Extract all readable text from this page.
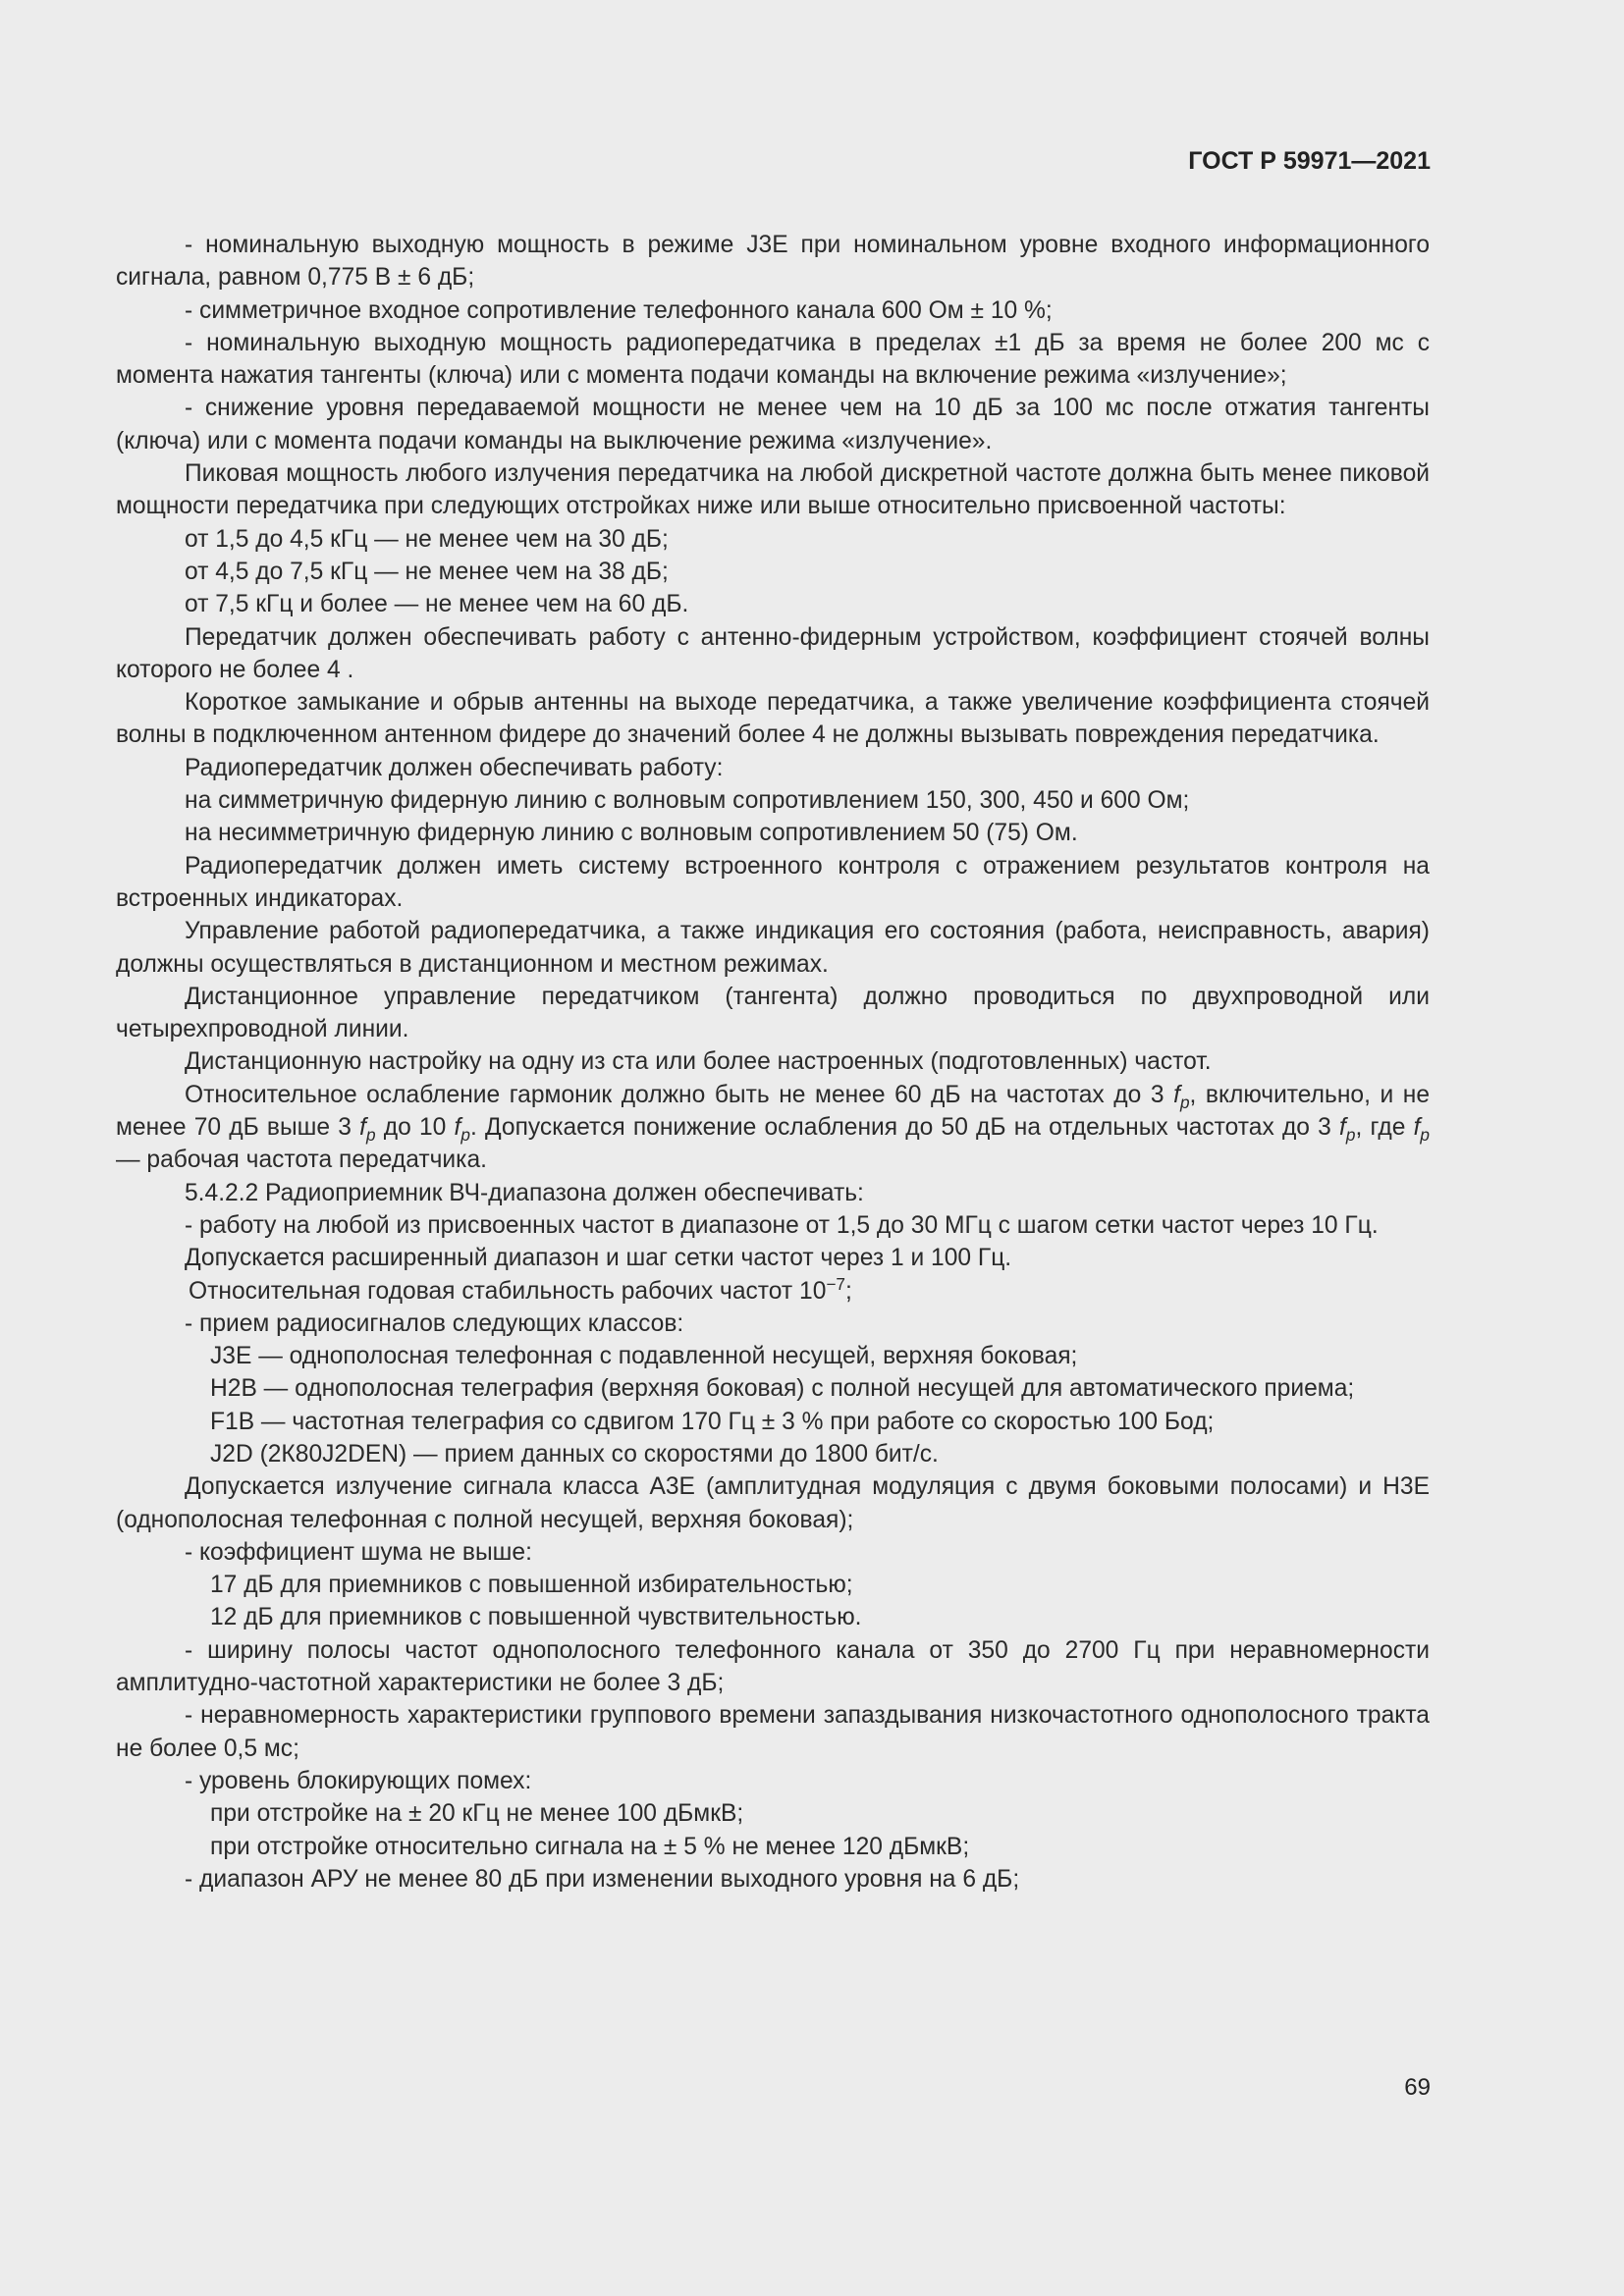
ГОСТ Р 59971—2021

- номинальную выходную мощность в режиме J3E при номинальном уровне входного информационного сигнала, равном 0,775 В ± 6 дБ;

- симметричное входное сопротивление телефонного канала 600 Ом ± 10 %;

- номинальную выходную мощность радиопередатчика в пределах ±1 дБ за время не более 200 мс с момента нажатия тангенты (ключа) или с момента подачи команды на включение режима «излучение»;

- снижение уровня передаваемой мощности не менее чем на 10 дБ за 100 мс после отжатия тангенты (ключа) или с момента подачи команды на выключение режима «излучение».

Пиковая мощность любого излучения передатчика на любой дискретной частоте должна быть менее пиковой мощности передатчика при следующих отстройках ниже или выше относительно присвоенной частоты:

от 1,5 до 4,5 кГц — не менее чем на 30 дБ;

от 4,5 до 7,5 кГц — не менее чем на 38 дБ;

от 7,5 кГц и более — не менее чем на 60 дБ.

Передатчик должен обеспечивать работу с антенно-фидерным устройством, коэффициент стоячей волны которого не более 4 .

Короткое замыкание и обрыв антенны на выходе передатчика, а также увеличение коэффициента стоячей волны в подключенном антенном фидере до значений более 4 не должны вызывать повреждения передатчика.

Радиопередатчик должен обеспечивать работу:

на симметричную фидерную линию с волновым сопротивлением 150, 300, 450 и 600 Ом;

на несимметричную фидерную линию с волновым сопротивлением 50 (75) Ом.

Радиопередатчик должен иметь систему встроенного контроля с отражением результатов контроля на встроенных индикаторах.

Управление работой радиопередатчика, а также индикация его состояния (работа, неисправность, авария) должны осуществляться в дистанционном и местном режимах.

Дистанционное управление передатчиком (тангента) должно проводиться по двухпроводной или четырехпроводной линии.

Дистанционную настройку на одну из ста или более настроенных (подготовленных) частот.

Относительное ослабление гармоник должно быть не менее 60 дБ на частотах до 3 $f_p$, включительно, и не менее 70 дБ выше 3 $f_p$ до 10 $f_p$. Допускается понижение ослабления до 50 дБ на отдельных частотах до 3 $f_p$, где $f_p$ — рабочая частота передатчика.

5.4.2.2 Радиоприемник ВЧ-диапазона должен обеспечивать:

- работу на любой из присвоенных частот в диапазоне от 1,5 до 30 МГц с шагом сетки частот через 10 Гц.

Допускается расширенный диапазон и шаг сетки частот через 1 и 100 Гц.

Относительная годовая стабильность рабочих частот $10^{-7}$;

- прием радиосигналов следующих классов:

J3E — однополосная телефонная с подавленной несущей, верхняя боковая;

H2B — однополосная телеграфия (верхняя боковая) с полной несущей для автоматического приема;

F1B — частотная телеграфия со сдвигом 170 Гц ± 3 % при работе со скоростью 100 Бод;

J2D (2К80J2DEN) — прием данных со скоростями до 1800 бит/с.

Допускается излучение сигнала класса A3E (амплитудная модуляция с двумя боковыми полосами) и H3E (однополосная телефонная с полной несущей, верхняя боковая);

- коэффициент шума не выше:

17 дБ для приемников с повышенной избирательностью;

12 дБ для приемников с повышенной чувствительностью.

- ширину полосы частот однополосного телефонного канала от 350 до 2700 Гц при неравномерности амплитудно-частотной характеристики не более 3 дБ;

- неравномерность характеристики группового времени запаздывания низкочастотного однополосного тракта не более 0,5 мс;

- уровень блокирующих помех:

при отстройке на ± 20 кГц не менее 100 дБмкВ;

при отстройке относительно сигнала на ± 5 % не менее 120 дБмкВ;

- диапазон АРУ не менее 80 дБ при изменении выходного уровня на 6 дБ;

69
